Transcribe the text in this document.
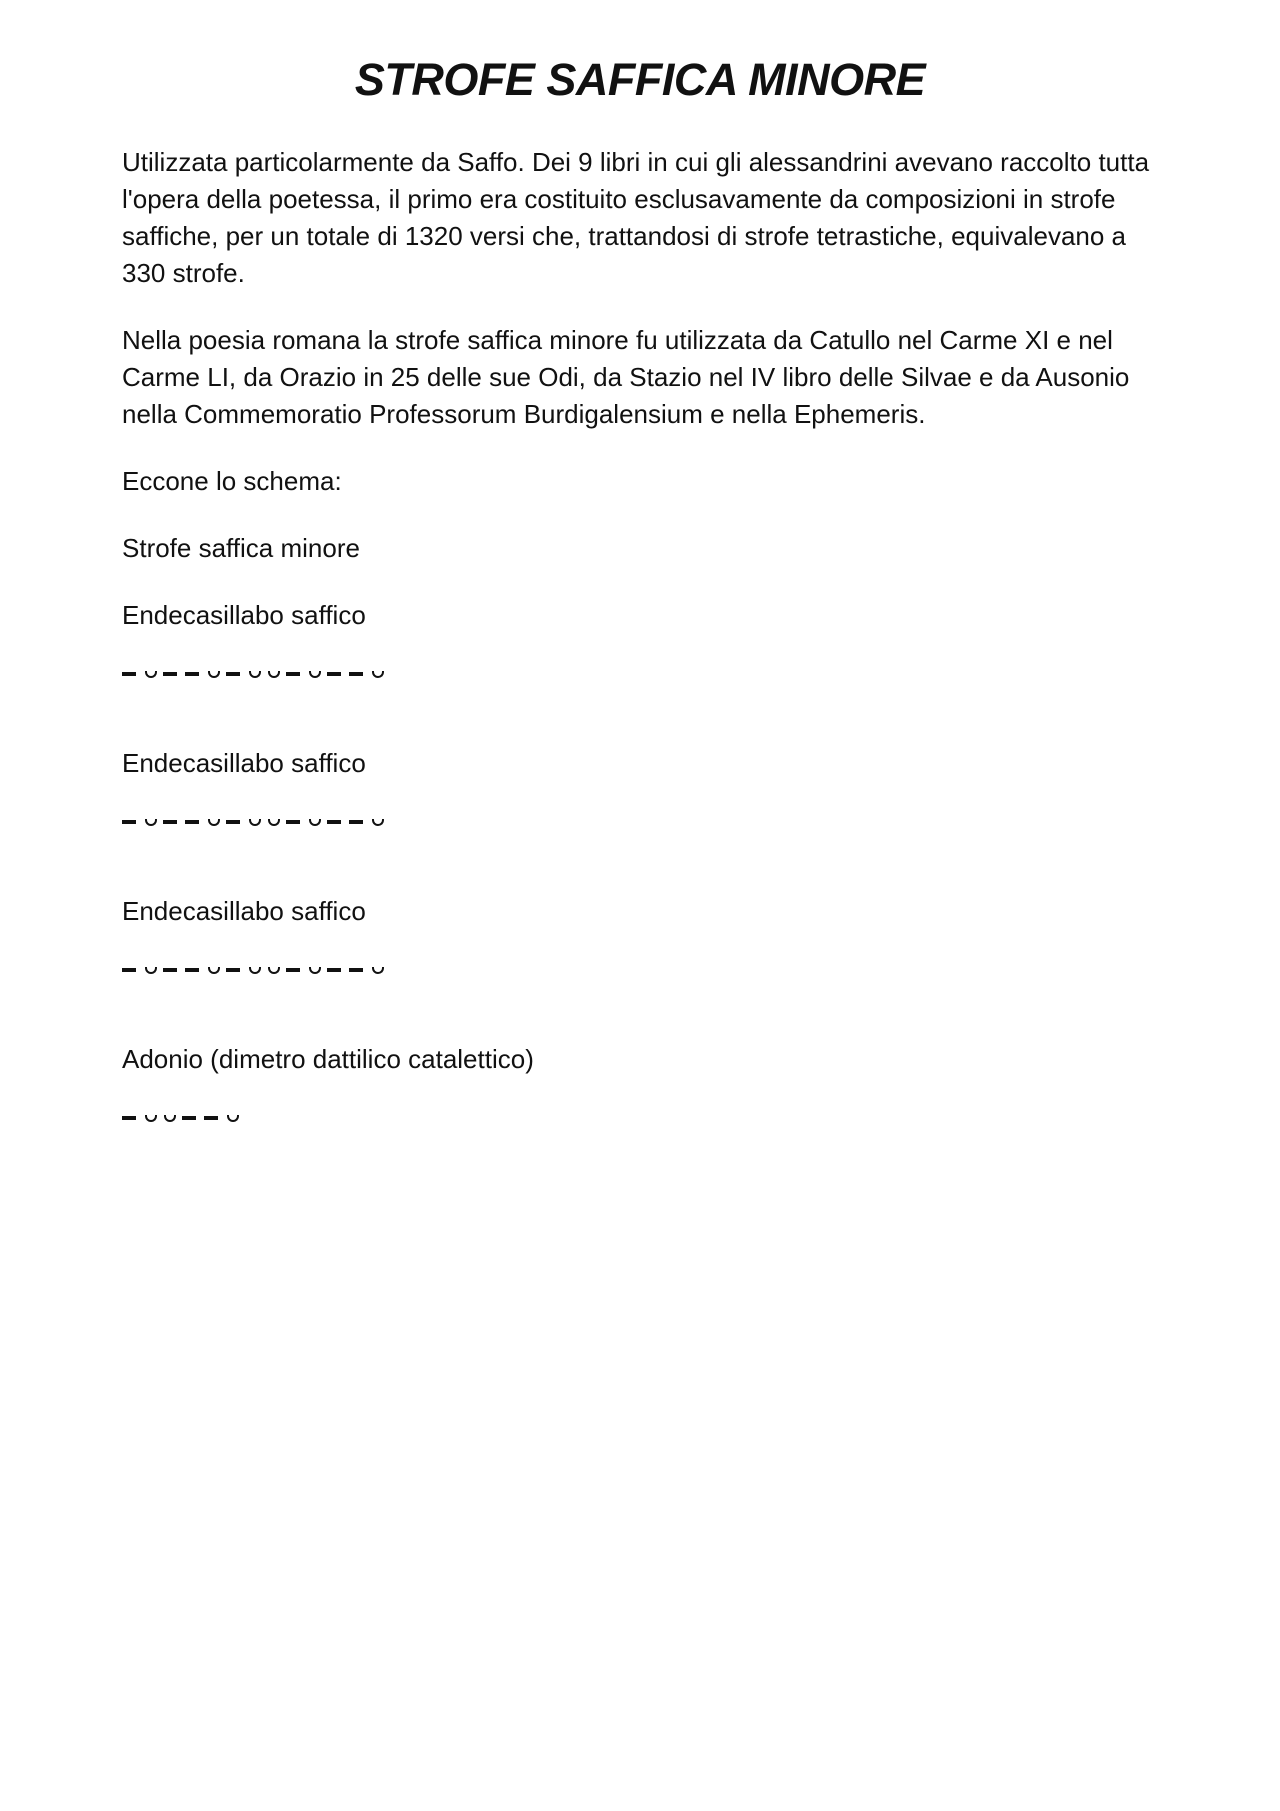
STROFE SAFFICA MINORE

Utilizzata particolarmente da Saffo. Dei 9 libri in cui gli alessandrini avevano raccolto tutta l'opera della poetessa, il primo era costituito esclusavamente da composizioni in strofe saffiche, per un totale di 1320 versi che, trattandosi di strofe tetrastiche, equivalevano a 330 strofe.

Nella poesia romana la strofe saffica minore fu utilizzata da Catullo nel Carme XI e nel Carme LI, da Orazio in 25 delle sue Odi, da Stazio nel IV libro delle Silvae e da Ausonio nella Commemoratio Professorum Burdigalensium e nella Ephemeris.

Eccone lo schema:

Strofe saffica minore

Endecasillabo saffico

Endecasillabo saffico

Endecasillabo saffico

Adonio (dimetro dattilico catalettico)
